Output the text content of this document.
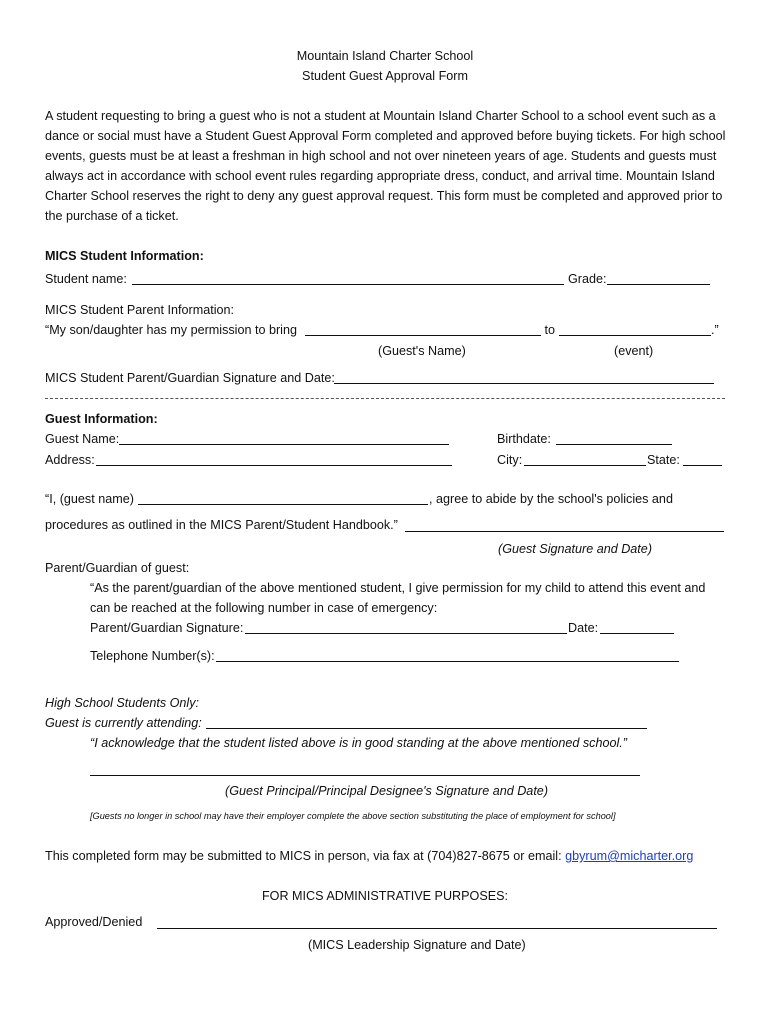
Mountain Island Charter School
Student Guest Approval Form
A student requesting to bring a guest who is not a student at Mountain Island Charter School to a school event such as a dance or social must have a Student Guest Approval Form completed and approved before buying tickets. For high school events, guests must be at least a freshman in high school and not over nineteen years of age. Students and guests must always act in accordance with school event rules regarding appropriate dress, conduct, and arrival time. Mountain Island Charter School reserves the right to deny any guest approval request. This form must be completed and approved prior to the purchase of a ticket.
MICS Student Information:
Student name:	Grade:
MICS Student Parent Information:
“My son/daughter has my permission to bring	to	.”
(Guest's Name)	(event)
MICS Student Parent/Guardian Signature and Date:
Guest Information:
Guest Name:	Birthdate:
Address:	City:	State:
“I, (guest name)	, agree to abide by the school's policies and
procedures as outlined in the MICS Parent/Student Handbook.”
(Guest Signature and Date)
Parent/Guardian of guest:
“As the parent/guardian of the above mentioned student, I give permission for my child to attend this event and
can be reached at the following number in case of emergency:
Parent/Guardian Signature:	Date:
Telephone Number(s):
High School Students Only:
Guest is currently attending:
“I acknowledge that the student listed above is in good standing at the above mentioned school.”
(Guest Principal/Principal Designee's Signature and Date)
[Guests no longer in school may have their employer complete the above section substituting the place of employment for school]
This completed form may be submitted to MICS in person, via fax at (704)827-8675 or email: gbyrum@micharter.org
FOR MICS ADMINISTRATIVE PURPOSES:
Approved/Denied
(MICS Leadership Signature and Date)
